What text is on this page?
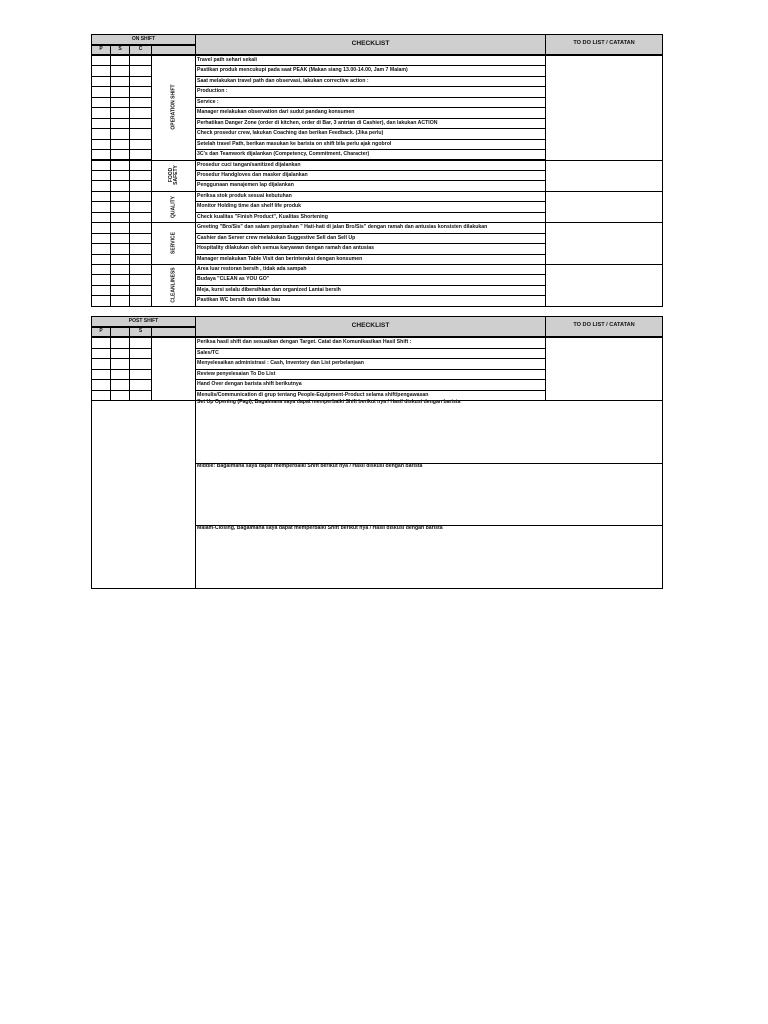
ON SHIFT
P	S	C
CHECKLIST	TO DO LIST / CATATAN
Travel path sehari sekali
Pastikan produk mencukupi pada saat PEAK (Makan siang 13.00-14.00, Jam 7 Malam)
Saat melakukan travel path dan observasi, lakukan corrective action :
Production :
Service :
Manager melakukan observation dari sudut pandang konsumen
Perhatikan Danger Zone (order di kitchen, order di Bar, 3 antrian di Cashier), dan lakukan ACTION
Check prosedur crew, lakukan Coaching dan berikan Feedback. (Jika perlu)
Setelah travel Path, berikan masukan ke barista on shift bila perlu ajak ngobrol
3C's dan Teamwork dijalankan (Competency, Commitment, Character)
OPERATION SHIFT
Prosedur cuci tangan/sanitized dijalankan
Prosedur Handgloves dan masker dijalankan
Penggunaan manajemen lap dijalankan
FOOD
SAFETY
Periksa stok produk sesuai kebutuhan
Monitor Holding time dan shelf life produk
Check kualitas "Finish Product", Kualitas Shortening
QUALITY
Greeting "Bro/Sis" dan salam perpisahan " Hati-hati di jalan Bro/Sis" dengan ramah dan antusias konsisten dilakukan
Cashier dan Server crew melakukan Suggestive Sell dan Sell Up
Hospitality dilakukan oleh semua karyawan dengan ramah dan antusias
Manager melakukan Table Visit dan berinteraksi dengan konsumen
SERVICE
Area luar restoran bersih , tidak ada sampah
Budaya "CLEAN as YOU GO"
Meja, kursi selalu dibersihkan dan organized Lantai bersih
Pastikan WC bersih dan tidak bau
CLEANLINESS
POST SHIFT
P	S
CHECKLIST	TO DO LIST / CATATAN
Periksa hasil shift dan sesuaikan dengan Target. Catat dan Komunikasikan Hasil Shift :
Sales/TC
Menyelesaikan administrasi : Cash, Inventory dan List perbelanjaan
Review penyelesaian To Do List
Hand Over dengan barista shift berikutnya
Menulis/Communication di grup tentang People-Equipment-Product selama shift/pengawasan
Set Up Opening (Pagi), Bagaimana saya dapat memperbaiki Shift berikut nya / Hasil diskusi dengan barista
Middle: Bagaimana saya dapat memperbaiki Shift berikut nya / Hasil diskusi dengan barista
Malam-Closing, Bagaimana saya dapat memperbaiki Shift berikut nya / Hasil diskusi dengan barista
